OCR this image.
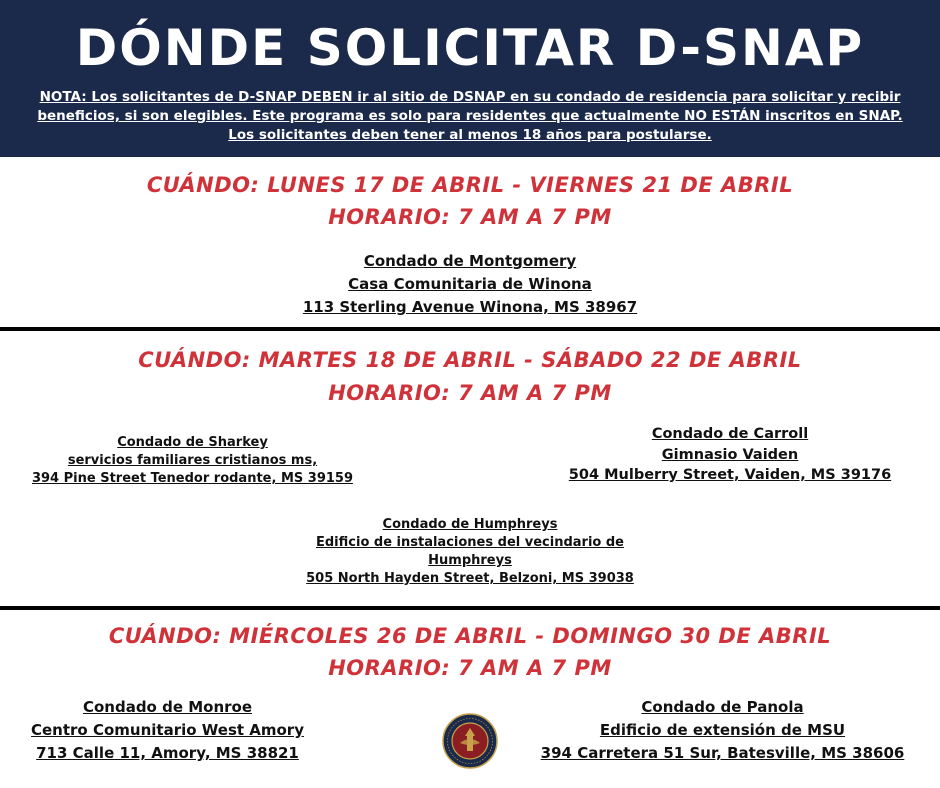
DÓNDE SOLICITAR D-SNAP
NOTA: Los solicitantes de D-SNAP DEBEN ir al sitio de DSNAP en su condado de residencia para solicitar y recibir
beneficios, si son elegibles. Este programa es solo para residentes que actualmente NO ESTÁN inscritos en SNAP.
Los solicitantes deben tener al menos 18 años para postularse.
CUÁNDO: LUNES 17 DE ABRIL - VIERNES 21 DE ABRIL
HORARIO: 7 AM A 7 PM
Condado de Montgomery
Casa Comunitaria de Winona
113 Sterling Avenue Winona, MS 38967
CUÁNDO: MARTES 18 DE ABRIL - SÁBADO 22 DE ABRIL
HORARIO: 7 AM A 7 PM
Condado de Sharkey
servicios familiares cristianos ms,
394 Pine Street Tenedor rodante, MS 39159
Condado de Carroll
Gimnasio Vaiden
504 Mulberry Street, Vaiden, MS 39176
Condado de Humphreys
Edificio de instalaciones del vecindario de
Humphreys
505 North Hayden Street, Belzoni, MS 39038
CUÁNDO: MIÉRCOLES 26 DE ABRIL - DOMINGO 30 DE ABRIL
HORARIO: 7 AM A 7 PM
Condado de Monroe
Centro Comunitario West Amory
713 Calle 11, Amory, MS 38821
Condado de Panola
Edificio de extensión de MSU
394 Carretera 51 Sur, Batesville, MS 38606
